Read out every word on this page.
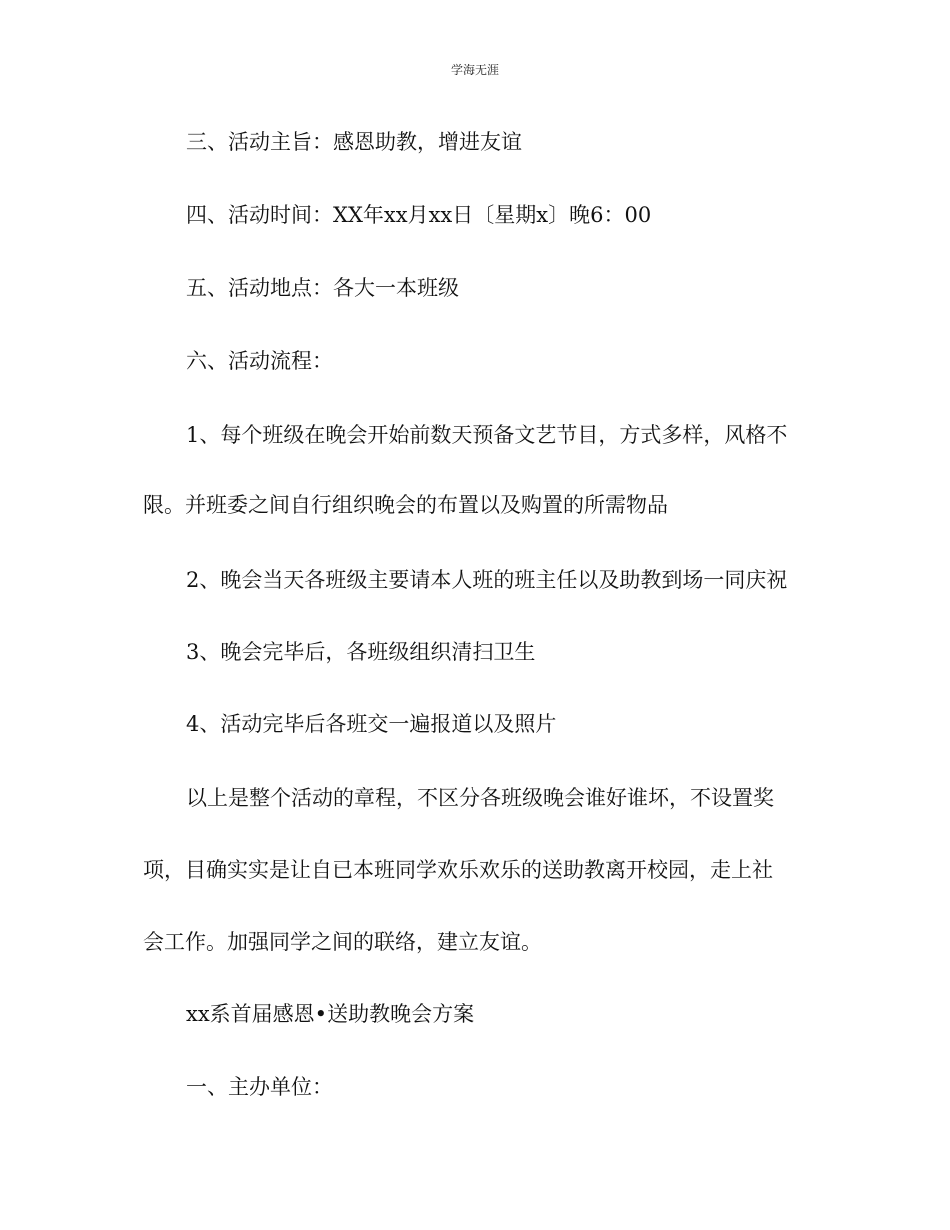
学海无涯
三、活动主旨：感恩助教，增进友谊
四、活动时间：XX年xx月xx日〔星期x〕晚6：00
五、活动地点：各大一本班级
六、活动流程：
1、每个班级在晚会开始前数天预备文艺节目，方式多样，风格不
限。并班委之间自行组织晚会的布置以及购置的所需物品
2、晚会当天各班级主要请本人班的班主任以及助教到场一同庆祝
3、晚会完毕后，各班级组织清扫卫生
4、活动完毕后各班交一遍报道以及照片
以上是整个活动的章程，不区分各班级晚会谁好谁坏，不设置奖
项，目确实实是让自已本班同学欢乐欢乐的送助教离开校园，走上社
会工作。加强同学之间的联络，建立友谊。
xx系首届感恩•送助教晚会方案
一、主办单位：
